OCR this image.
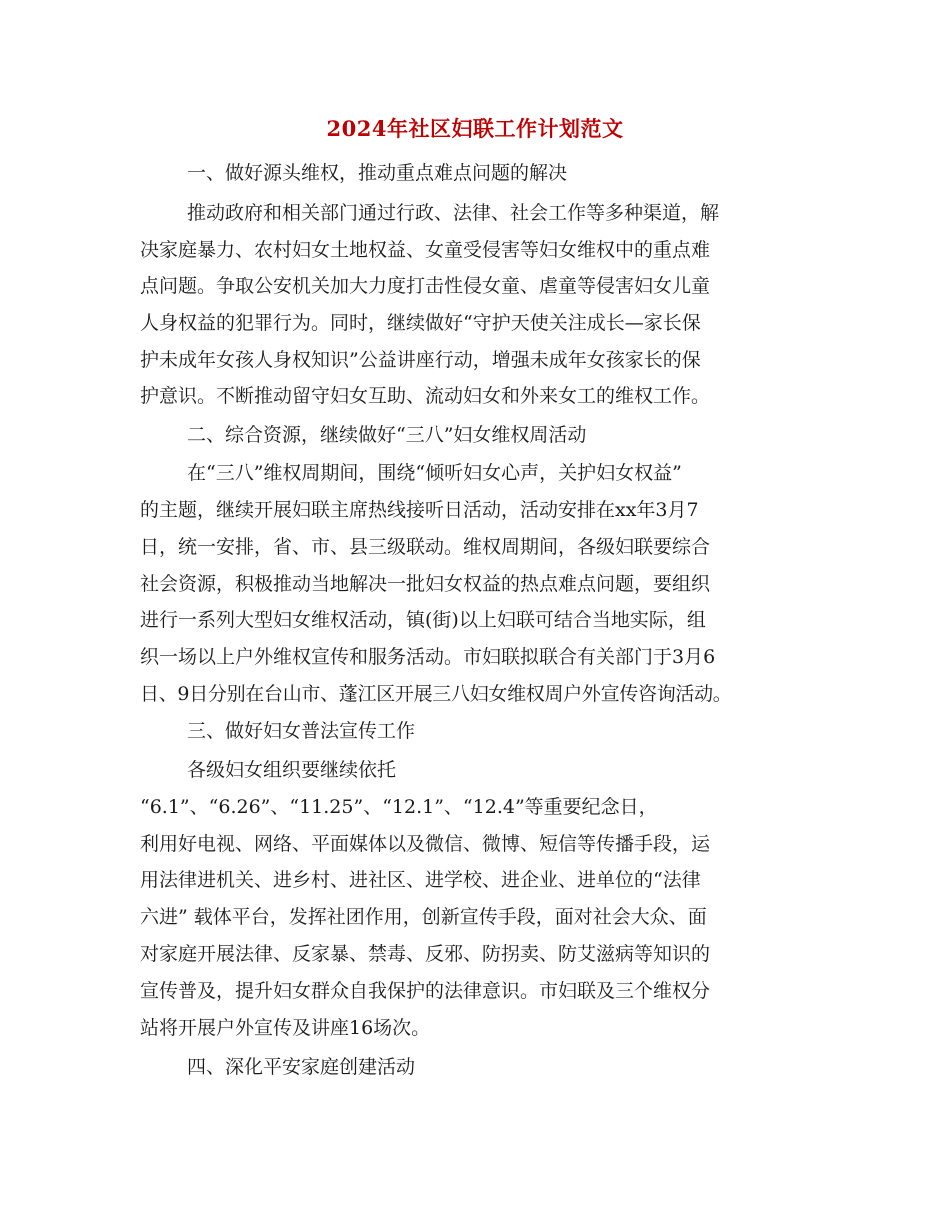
2024年社区妇联工作计划范文

一、做好源头维权，推动重点难点问题的解决

推动政府和相关部门通过行政、法律、社会工作等多种渠道，解

决家庭暴力、农村妇女土地权益、女童受侵害等妇女维权中的重点难

点问题。争取公安机关加大力度打击性侵女童、虐童等侵害妇女儿童

人身权益的犯罪行为。同时，继续做好“守护天使关注成长—家长保

护未成年女孩人身权知识”公益讲座行动，增强未成年女孩家长的保

护意识。不断推动留守妇女互助、流动妇女和外来女工的维权工作。

二、综合资源，继续做好“三八”妇女维权周活动

在“三八”维权周期间，围绕“倾听妇女心声，关护妇女权益”

的主题，继续开展妇联主席热线接听日活动，活动安排在xx年3月7

日，统一安排，省、市、县三级联动。维权周期间，各级妇联要综合

社会资源，积极推动当地解决一批妇女权益的热点难点问题，要组织

进行一系列大型妇女维权活动，镇(街)以上妇联可结合当地实际，组

织一场以上户外维权宣传和服务活动。市妇联拟联合有关部门于3月6

日、9日分别在台山市、蓬江区开展三八妇女维权周户外宣传咨询活动。

三、做好妇女普法宣传工作

各级妇女组织要继续依托

“6.1”、“6.26”、“11.25”、“12.1”、“12.4”等重要纪念日，

利用好电视、网络、平面媒体以及微信、微博、短信等传播手段，运

用法律进机关、进乡村、进社区、进学校、进企业、进单位的“法律

六进” 载体平台，发挥社团作用，创新宣传手段，面对社会大众、面

对家庭开展法律、反家暴、禁毒、反邪、防拐卖、防艾滋病等知识的

宣传普及，提升妇女群众自我保护的法律意识。市妇联及三个维权分

站将开展户外宣传及讲座16场次。

四、深化平安家庭创建活动
